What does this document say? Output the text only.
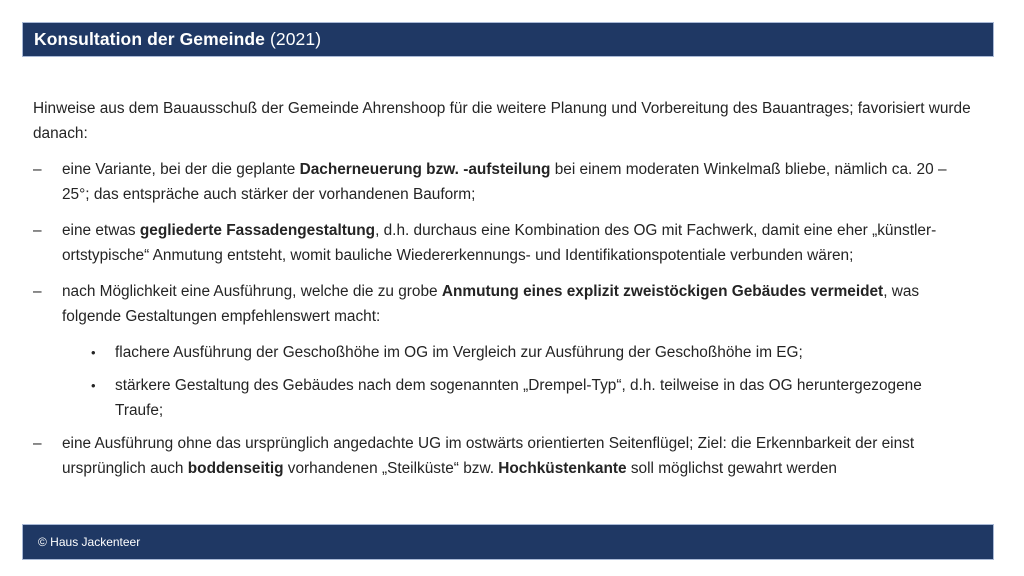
Konsultation der Gemeinde (2021)

Hinweise aus dem Bauausschuß der Gemeinde Ahrenshoop für die weitere Planung und Vorbereitung des Bauantrages; favorisiert wurde danach:

– eine Variante, bei der die geplante Dacherneuerung bzw. -aufsteilung bei einem moderaten Winkelmaß bliebe, nämlich ca. 20 – 25°; das entspräche auch stärker der vorhandenen Bauform;
– eine etwas gegliederte Fassadengestaltung, d.h. durchaus eine Kombination des OG mit Fachwerk, damit eine eher „künstler-ortstypische“ Anmutung entsteht, womit bauliche Wiedererkennungs- und Identifikationspotentiale verbunden wären;
– nach Möglichkeit eine Ausführung, welche die zu grobe Anmutung eines explizit zweistöckigen Gebäudes vermeidet, was folgende Gestaltungen empfehlenswert macht:
• flachere Ausführung der Geschoßhöhe im OG im Vergleich zur Ausführung der Geschoßhöhe im EG;
• stärkere Gestaltung des Gebäudes nach dem sogenannten „Drempel-Typ“, d.h. teilweise in das OG heruntergezogene Traufe;
– eine Ausführung ohne das ursprünglich angedachte UG im ostwärts orientierten Seitenflügel; Ziel: die Erkennbarkeit der einst ursprünglich auch boddenseitig vorhandenen „Steilküste“ bzw. Hochküstenkante soll möglichst gewahrt werden
© Haus Jackenteer
